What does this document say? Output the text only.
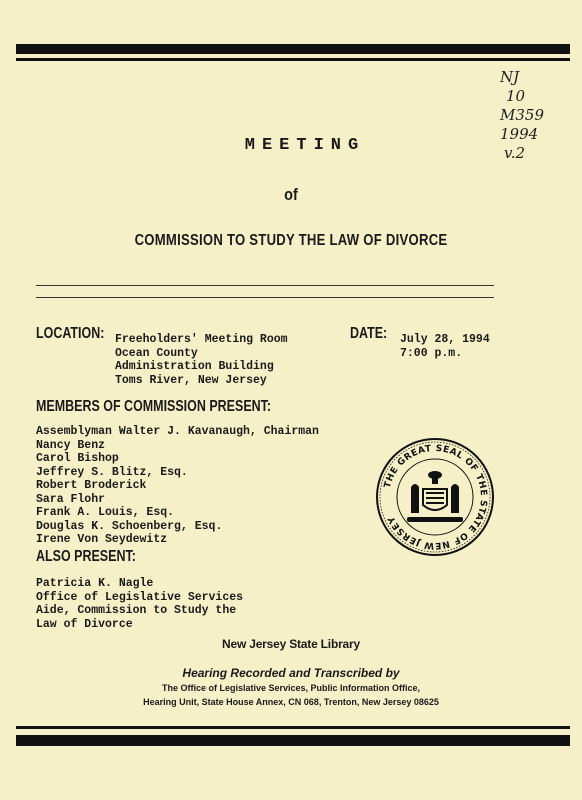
NJ
10
M359
1994
v.2
MEETING
of
COMMISSION TO STUDY THE LAW OF DIVORCE
LOCATION: Freeholders' Meeting Room
Ocean County
Administration Building
Toms River, New Jersey
DATE: July 28, 1994
7:00 p.m.
MEMBERS OF COMMISSION PRESENT:
Assemblyman Walter J. Kavanaugh, Chairman
Nancy Benz
Carol Bishop
Jeffrey S. Blitz, Esq.
Robert Broderick
Sara Flohr
Frank A. Louis, Esq.
Douglas K. Schoenberg, Esq.
Irene Von Seydewitz
ALSO PRESENT:
Patricia K. Nagle
Office of Legislative Services
Aide, Commission to Study the
Law of Divorce
THE GREAT SEAL OF THE STATE OF NEW JERSEY
New Jersey State Library
Hearing Recorded and Transcribed by
The Office of Legislative Services, Public Information Office,
Hearing Unit, State House Annex, CN 068, Trenton, New Jersey 08625
